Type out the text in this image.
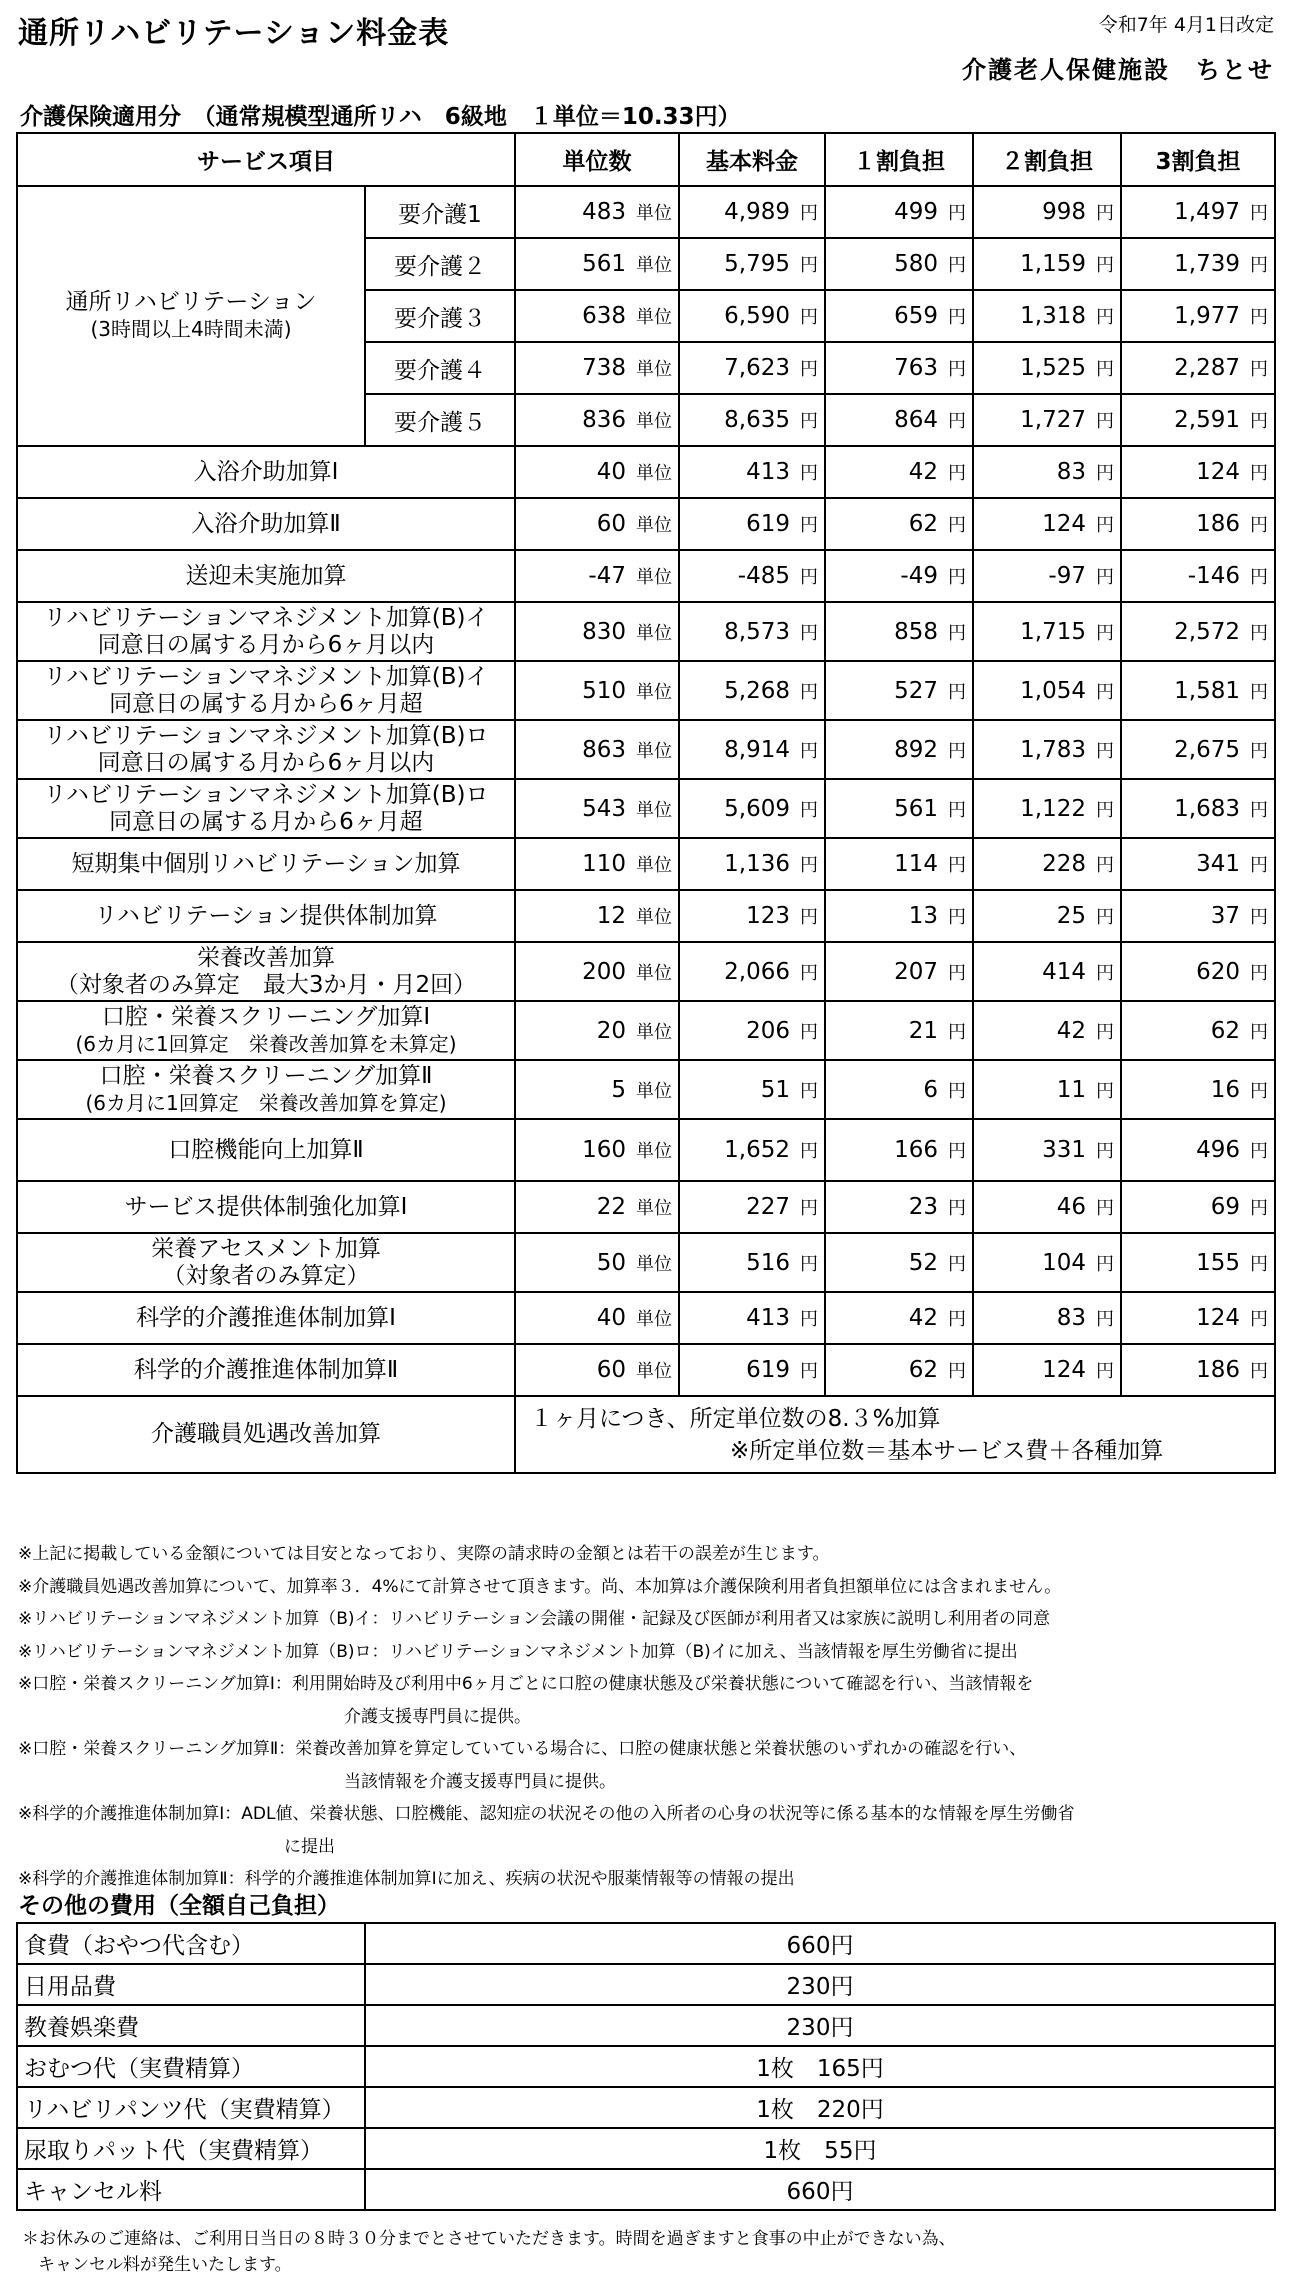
通所リハビリテーション料金表	令和7年 4月1日改定
介護老人保健施設　ちとせ
介護保険適用分　（通常規模型通所リハ　6級地　１単位＝10.33円）
サービス項目		単位数	基本料金	１割負担	２割負担	3割負担

通所リハビリテーション
(3時間以上4時間未満)	要介護1	483 単位	4,989 円	499 円	998 円	1,497 円
	要介護２	561 単位	5,795 円	580 円	1,159 円	1,739 円
	要介護３	638 単位	6,590 円	659 円	1,318 円	1,977 円
	要介護４	738 単位	7,623 円	763 円	1,525 円	2,287 円
	要介護５	836 単位	8,635 円	864 円	1,727 円	2,591 円

入浴介助加算Ⅰ		40 単位	413 円	42 円	83 円	124 円

入浴介助加算Ⅱ		60 単位	619 円	62 円	124 円	186 円

送迎未実施加算		-47 単位	-485 円	-49 円	-97 円	-146 円

リハビリテーションマネジメント加算(B)イ
同意日の属する月から6ヶ月以内		830 単位	8,573 円	858 円	1,715 円	2,572 円

リハビリテーションマネジメント加算(B)イ
同意日の属する月から6ヶ月超		510 単位	5,268 円	527 円	1,054 円	1,581 円

リハビリテーションマネジメント加算(B)ロ
同意日の属する月から6ヶ月以内		863 単位	8,914 円	892 円	1,783 円	2,675 円

リハビリテーションマネジメント加算(B)ロ
同意日の属する月から6ヶ月超		543 単位	5,609 円	561 円	1,122 円	1,683 円

短期集中個別リハビリテーション加算		110 単位	1,136 円	114 円	228 円	341 円

リハビリテーション提供体制加算		12 単位	123 円	13 円	25 円	37 円

栄養改善加算
（対象者のみ算定　最大3か月・月2回）		200 単位	2,066 円	207 円	414 円	620 円

口腔・栄養スクリーニング加算Ⅰ
(6カ月に1回算定　栄養改善加算を未算定)		20 単位	206 円	21 円	42 円	62 円

口腔・栄養スクリーニング加算Ⅱ
(6カ月に1回算定　栄養改善加算を算定)		5 単位	51 円	6 円	11 円	16 円

口腔機能向上加算Ⅱ		160 単位	1,652 円	166 円	331 円	496 円

サービス提供体制強化加算Ⅰ		22 単位	227 円	23 円	46 円	69 円

栄養アセスメント加算
（対象者のみ算定）		50 単位	516 円	52 円	104 円	155 円

科学的介護推進体制加算Ⅰ		40 単位	413 円	42 円	83 円	124 円

科学的介護推進体制加算Ⅱ		60 単位	619 円	62 円	124 円	186 円
介護職員処遇改善加算		１ヶ月につき、所定単位数の8.３%加算
※所定単位数＝基本サービス費＋各種加算				
※上記に掲載している金額については目安となっており、実際の請求時の金額とは若干の誤差が生じます。
※介護職員処遇改善加算について、加算率３．4%にて計算させて頂きます。尚、本加算は介護保険利用者負担額単位には含まれません。
※リハビリテーションマネジメント加算（B)イ：リハビリテーション会議の開催・記録及び医師が利用者又は家族に説明し利用者の同意
※リハビリテーションマネジメント加算（B)ロ：リハビリテーションマネジメント加算（B)イに加え、当該情報を厚生労働省に提出
※口腔・栄養スクリーニング加算Ⅰ：利用開始時及び利用中6ヶ月ごとに口腔の健康状態及び栄養状態について確認を行い、当該情報を
介護支援専門員に提供。
※口腔・栄養スクリーニング加算Ⅱ：栄養改善加算を算定していている場合に、口腔の健康状態と栄養状態のいずれかの確認を行い、
当該情報を介護支援専門員に提供。
※科学的介護推進体制加算Ⅰ：ADL値、栄養状態、口腔機能、認知症の状況その他の入所者の心身の状況等に係る基本的な情報を厚生労働省
に提出
※科学的介護推進体制加算Ⅱ：科学的介護推進体制加算Ⅰに加え、疾病の状況や服薬情報等の情報の提出
その他の費用（全額自己負担）
食費（おやつ代含む）	660円
日用品費	230円
教養娯楽費	230円
おむつ代（実費精算）	1枚　165円
リハビリパンツ代（実費精算）	1枚　220円
尿取りパット代（実費精算）	1枚　55円
キャンセル料	660円
＊お休みのご連絡は、ご利用日当日の８時３０分までとさせていただきます。時間を過ぎますと食事の中止ができない為、
キャンセル料が発生いたします。
